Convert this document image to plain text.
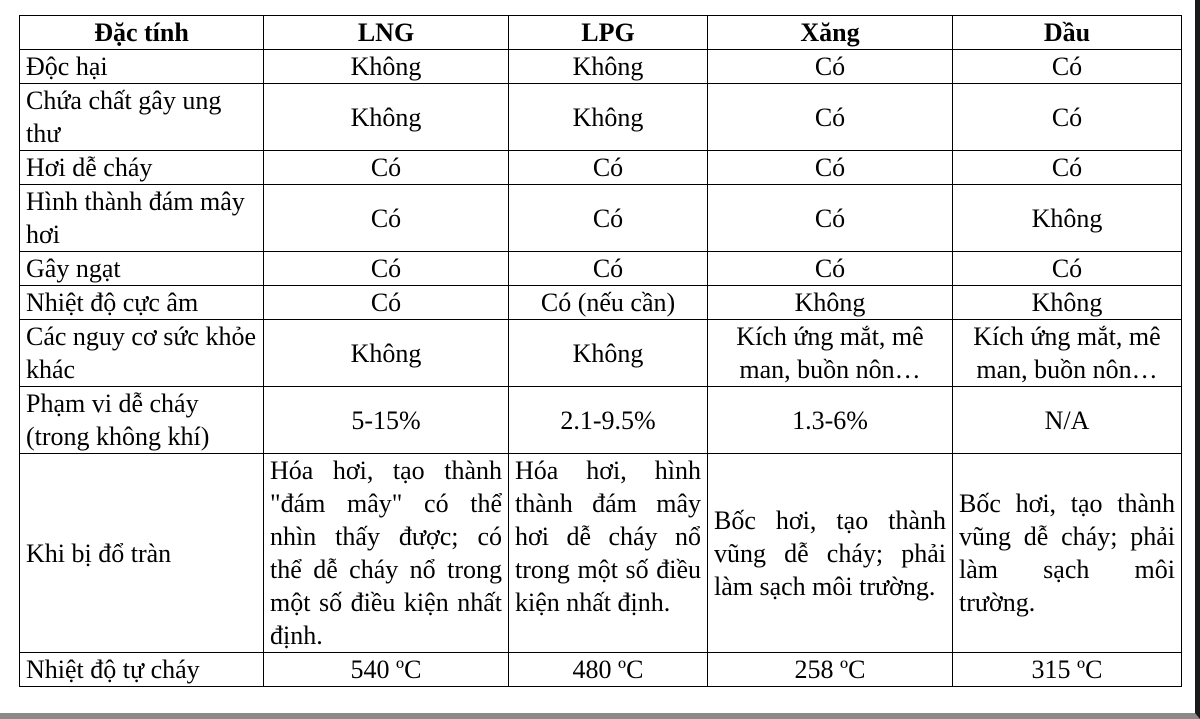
Đặc tính	LNG	LPG	Xăng	Dầu
Độc hại	Không	Không	Có	Có
Chứa chất gây ung thư	Không	Không	Có	Có
Hơi dễ cháy	Có	Có	Có	Có
Hình thành đám mây hơi	Có	Có	Có	Không
Gây ngạt	Có	Có	Có	Có
Nhiệt độ cực âm	Có	Có (nếu cần)	Không	Không
Các nguy cơ sức khỏe khác	Không	Không	Kích ứng mắt, mê man, buồn nôn…	Kích ứng mắt, mê man, buồn nôn…
Phạm vi dễ cháy (trong không khí)	5-15%	2.1-9.5%	1.3-6%	N/A
Khi bị đổ tràn	Hóa hơi, tạo thành "đám mây" có thể nhìn thấy được; có thể dễ cháy nổ trong một số điều kiện nhất định.	Hóa hơi, hình thành đám mây hơi dễ cháy nổ trong một số điều kiện nhất định.	Bốc hơi, tạo thành vũng dễ cháy; phải làm sạch môi trường.	Bốc hơi, tạo thành vũng dễ cháy; phải làm sạch môi trường.
Nhiệt độ tự cháy	540 ºC	480 ºC	258 ºC	315 ºC
